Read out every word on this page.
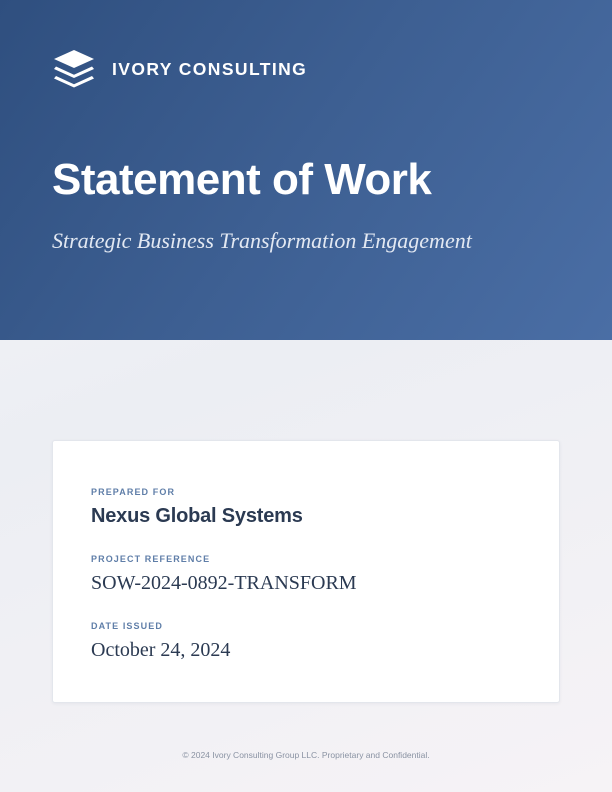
IVORY CONSULTING
Statement of Work

Strategic Business Transformation Engagement

PREPARED FOR
Nexus Global Systems
PROJECT REFERENCE
SOW-2024-0892-TRANSFORM
DATE ISSUED
October 24, 2024
© 2024 Ivory Consulting Group LLC. Proprietary and Confidential.
